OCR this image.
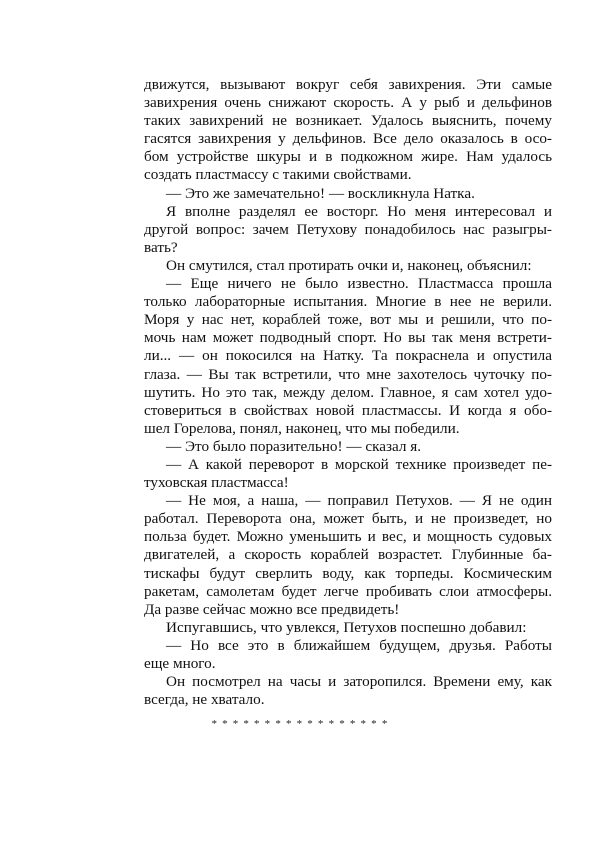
движутся, вызывают вокруг себя завихрения. Эти самые
завихрения очень снижают скорость. А у рыб и дельфинов
таких завихрений не возникает. Удалось выяснить, почему
гасятся завихрения у дельфинов. Все дело оказалось в осо-
бом устройстве шкуры и в подкожном жире. Нам удалось
создать пластмассу с такими свойствами.
— Это же замечательно! — воскликнула Натка.
Я вполне разделял ее восторг. Но меня интересовал и
другой вопрос: зачем Петухову понадобилось нас разыгры-
вать?
Он смутился, стал протирать очки и, наконец, объяснил:
— Еще ничего не было известно. Пластмасса прошла
только лабораторные испытания. Многие в нее не верили.
Моря у нас нет, кораблей тоже, вот мы и решили, что по-
мочь нам может подводный спорт. Но вы так меня встрети-
ли... — он покосился на Натку. Та покраснела и опустила
глаза. — Вы так встретили, что мне захотелось чуточку по-
шутить. Но это так, между делом. Главное, я сам хотел удо-
стовериться в свойствах новой пластмассы. И когда я обо-
шел Горелова, понял, наконец, что мы победили.
— Это было поразительно! — сказал я.
— А какой переворот в морской технике произведет пе-
туховская пластмасса!
— Не моя, а наша, — поправил Петухов. — Я не один
работал. Переворота она, может быть, и не произведет, но
польза будет. Можно уменьшить и вес, и мощность судовых
двигателей, а скорость кораблей возрастет. Глубинные ба-
тискафы будут сверлить воду, как торпеды. Космическим
ракетам, самолетам будет легче пробивать слои атмосферы.
Да разве сейчас можно все предвидеть!
Испугавшись, что увлекся, Петухов поспешно добавил:
— Но все это в ближайшем будущем, друзья. Работы
еще много.
Он посмотрел на часы и заторопился. Времени ему, как
всегда, не хватало.
* * * * * * * * * * * * * * * * *
